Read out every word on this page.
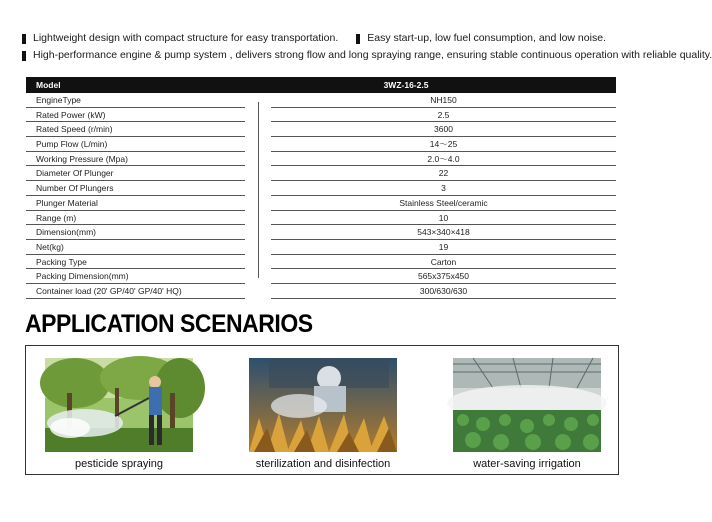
Lightweight design with compact structure for easy transportation.	Easy start-up, low fuel consumption, and low noise.
High-performance engine & pump system , delivers strong flow and long spraying range, ensuring stable continuous operation with reliable quality.
Model	3WZ-16-2.5
EngineType	NH150
Rated Power (kW)	2.5
Rated Speed (r/min)	3600
Pump Flow (L/min)	14～25
Working Pressure (Mpa)	2.0～4.0
Diameter Of Plunger	22
Number Of Plungers	3
Plunger Material	Stainless Steel/ceramic
Range (m)	10
Dimension(mm)	543×340×418
Net(kg)	19
Packing Type	Carton
Packing Dimension(mm)	565x375x450
Container load (20' GP/40' GP/40' HQ)	300/630/630
APPLICATION SCENARIOS
pesticide spraying	sterilization and disinfection	water-saving irrigation
